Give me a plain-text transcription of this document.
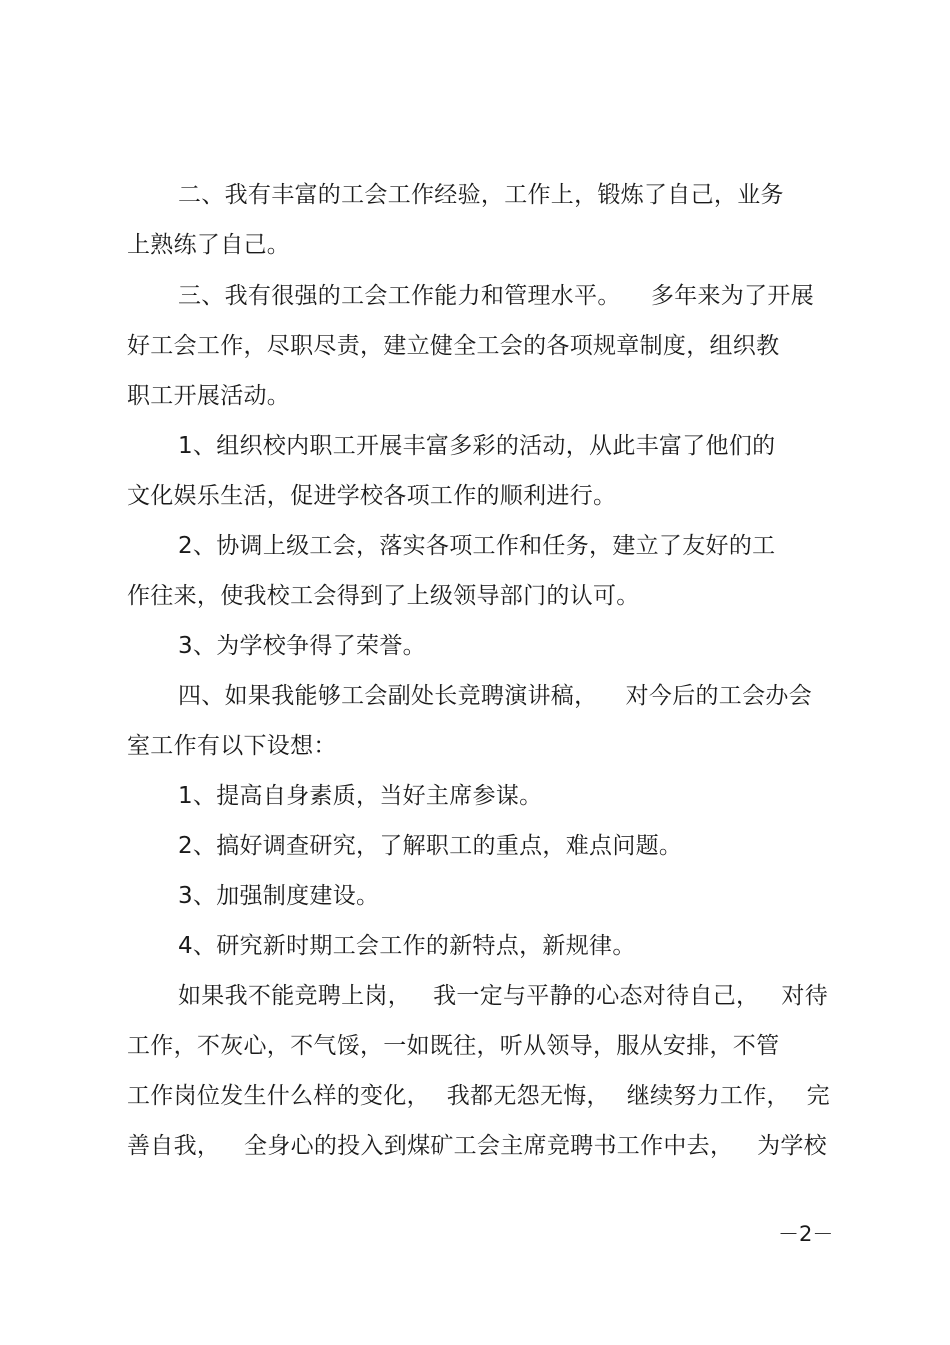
二、我有丰富的工会工作经验，工作上，锻炼了自己，业务
上熟练了自己。
三、我有很强的工会工作能力和管理水平。 多年来为了开展
好工会工作，尽职尽责，建立健全工会的各项规章制度，组织教
职工开展活动。
1、组织校内职工开展丰富多彩的活动，从此丰富了他们的
文化娱乐生活，促进学校各项工作的顺利进行。
2、协调上级工会，落实各项工作和任务，建立了友好的工
作往来，使我校工会得到了上级领导部门的认可。
3、为学校争得了荣誉。
四、如果我能够工会副处长竞聘演讲稿， 对今后的工会办会
室工作有以下设想：
1、提高自身素质，当好主席参谋。
2、搞好调查研究，了解职工的重点，难点问题。
3、加强制度建设。
4、研究新时期工会工作的新特点，新规律。
如果我不能竞聘上岗， 我一定与平静的心态对待自己， 对待
工作，不灰心，不气馁，一如既往，听从领导，服从安排，不管
工作岗位发生什么样的变化， 我都无怨无悔， 继续努力工作， 完
善自我， 全身心的投入到煤矿工会主席竞聘书工作中去， 为学校
－2－
